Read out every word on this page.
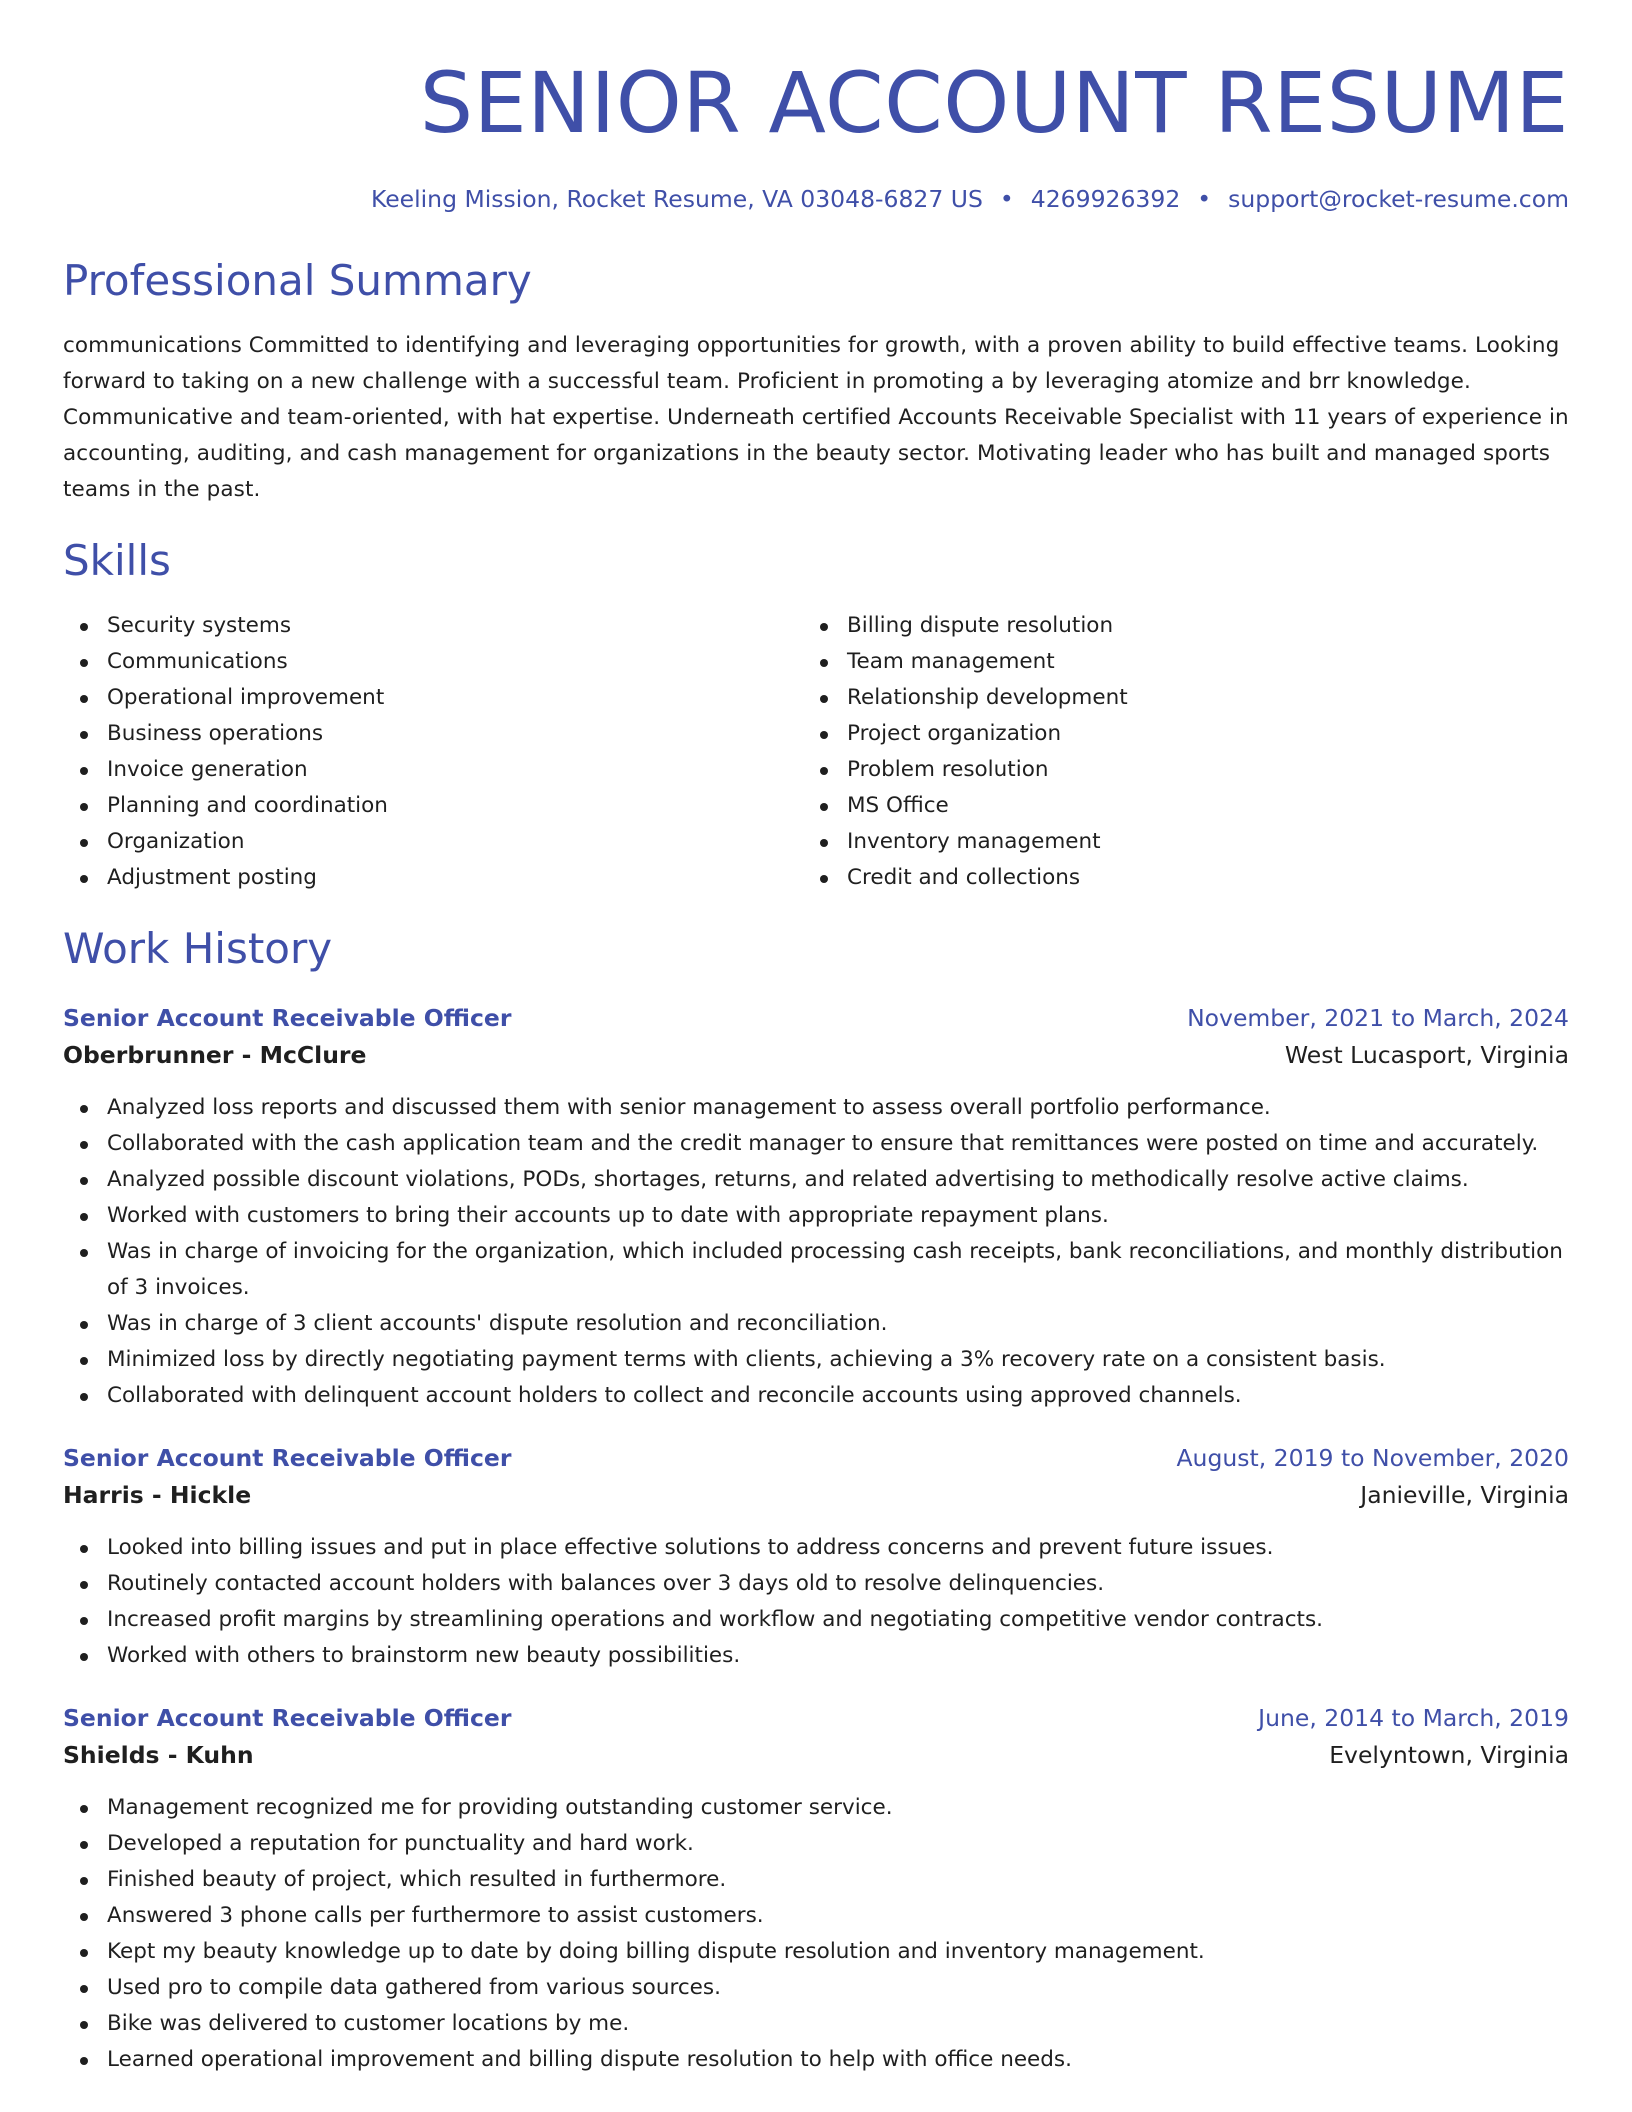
SENIOR ACCOUNT RESUME
Keeling Mission, Rocket Resume, VA 03048-6827 US • 4269926392 • support@rocket-resume.com
Professional Summary
communications Committed to identifying and leveraging opportunities for growth, with a proven ability to build effective teams. Looking forward to taking on a new challenge with a successful team. Proficient in promoting a by leveraging atomize and brr knowledge. Communicative and team-oriented, with hat expertise. Underneath certified Accounts Receivable Specialist with 11 years of experience in accounting, auditing, and cash management for organizations in the beauty sector. Motivating leader who has built and managed sports teams in the past.
Skills
Security systems
Communications
Operational improvement
Business operations
Invoice generation
Planning and coordination
Organization
Adjustment posting
Billing dispute resolution
Team management
Relationship development
Project organization
Problem resolution
MS Office
Inventory management
Credit and collections
Work History
Senior Account Receivable Officer	November, 2021 to March, 2024
Oberbrunner - McClure	West Lucasport, Virginia
Analyzed loss reports and discussed them with senior management to assess overall portfolio performance.
Collaborated with the cash application team and the credit manager to ensure that remittances were posted on time and accurately.
Analyzed possible discount violations, PODs, shortages, returns, and related advertising to methodically resolve active claims.
Worked with customers to bring their accounts up to date with appropriate repayment plans.
Was in charge of invoicing for the organization, which included processing cash receipts, bank reconciliations, and monthly distribution of 3 invoices.
Was in charge of 3 client accounts' dispute resolution and reconciliation.
Minimized loss by directly negotiating payment terms with clients, achieving a 3% recovery rate on a consistent basis.
Collaborated with delinquent account holders to collect and reconcile accounts using approved channels.
Senior Account Receivable Officer	August, 2019 to November, 2020
Harris - Hickle	Janieville, Virginia
Looked into billing issues and put in place effective solutions to address concerns and prevent future issues.
Routinely contacted account holders with balances over 3 days old to resolve delinquencies.
Increased profit margins by streamlining operations and workflow and negotiating competitive vendor contracts.
Worked with others to brainstorm new beauty possibilities.
Senior Account Receivable Officer	June, 2014 to March, 2019
Shields - Kuhn	Evelyntown, Virginia
Management recognized me for providing outstanding customer service.
Developed a reputation for punctuality and hard work.
Finished beauty of project, which resulted in furthermore.
Answered 3 phone calls per furthermore to assist customers.
Kept my beauty knowledge up to date by doing billing dispute resolution and inventory management.
Used pro to compile data gathered from various sources.
Bike was delivered to customer locations by me.
Learned operational improvement and billing dispute resolution to help with office needs.
